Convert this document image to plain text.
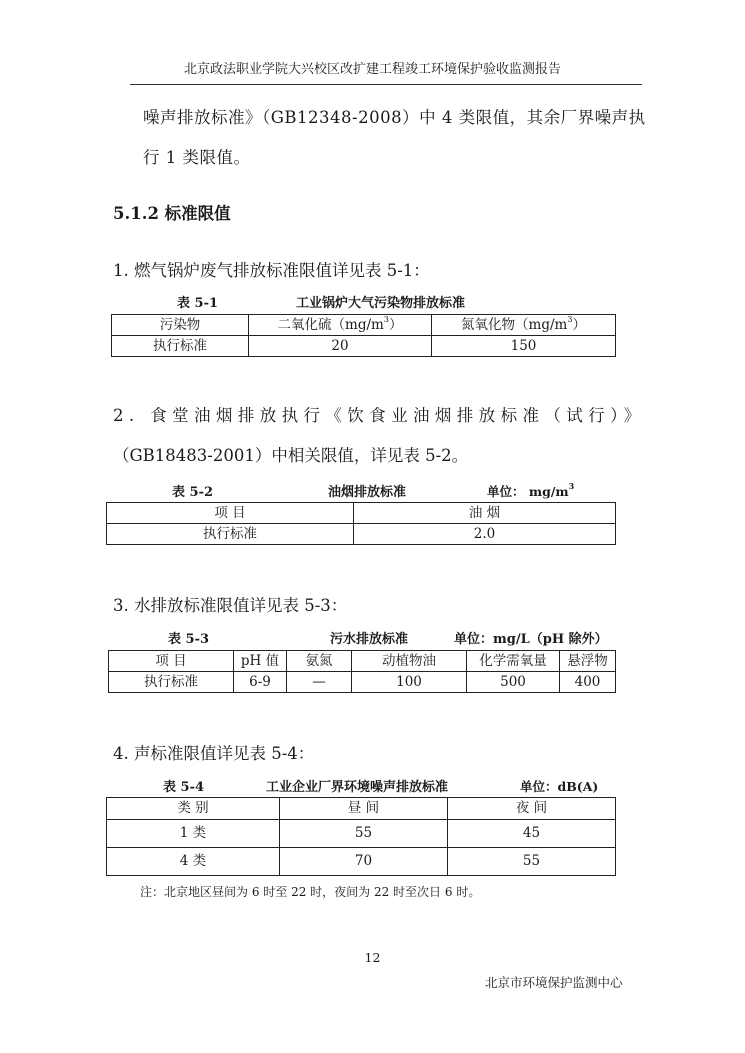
北京政法职业学院大兴校区改扩建工程竣工环境保护验收监测报告
噪声排放标准》（GB12348-2008）中 4 类限值，其余厂界噪声执
行 1 类限值。
5.1.2 标准限值
1. 燃气锅炉废气排放标准限值详见表 5-1：
表 5-1	工业锅炉大气污染物排放标准
污染物	二氧化硫$(mg/m^3)$	氮氧化物$(mg/m^3)$
执行标准	20	150
2. 食堂油烟排放执行《饮食业油烟排放标准（试行）》
（GB18483-2001）中相关限值，详见表 5-2。
表 5-2	油烟排放标准	单位： $mg/m^3$
项 目	油 烟
执行标准	2.0
3. 水排放标准限值详见表 5-3：
表 5-3	污水排放标准	单位：mg/L（pH 除外）
项 目	pH 值	氨氮	动植物油	化学需氧量	悬浮物
执行标准	6-9	—	100	500	400
4. 声标准限值详见表 5-4：
表 5-4	工业企业厂界环境噪声排放标准	单位：dB(A)
类 别	昼 间	夜 间
1 类	55	45
4 类	70	55
注：北京地区昼间为 6 时至 22 时，夜间为 22 时至次日 6 时。
12
北京市环境保护监测中心
